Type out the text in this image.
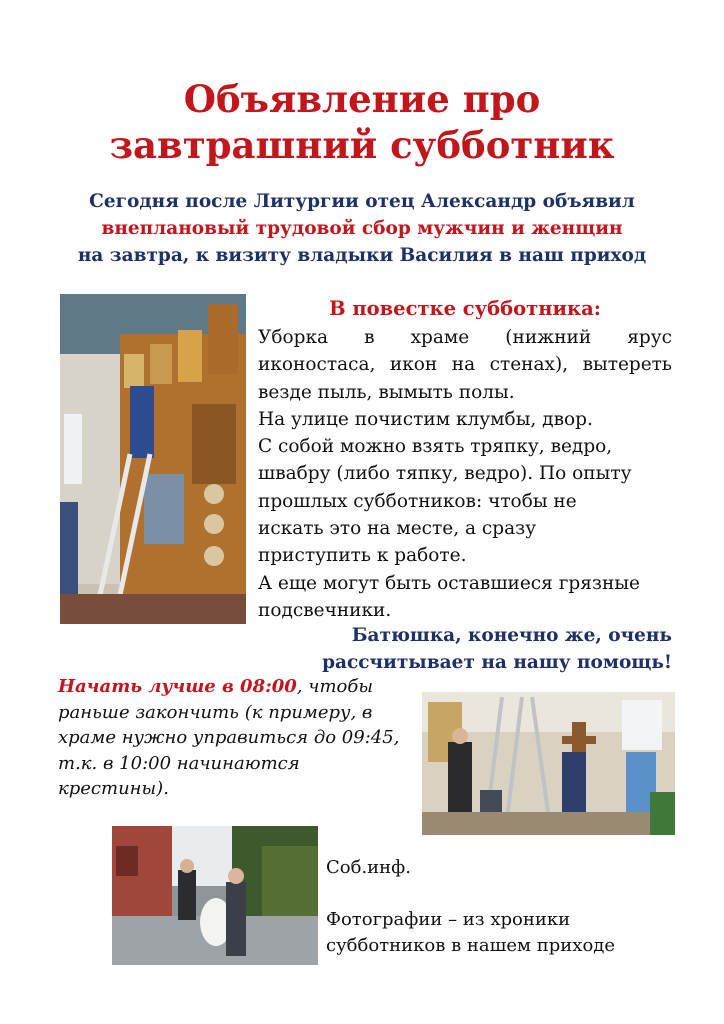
Объявление про
завтрашний субботник
Сегодня после Литургии отец Александр объявил
внеплановый трудовой сбор мужчин и женщин
на завтра, к визиту владыки Василия в наш приход
В повестке субботника:

Уборка в храме (нижний ярус

иконостаса, икон на стенах), вытереть

везде пыль, вымыть полы.

На улице почистим клумбы, двор.

С собой можно взять тряпку, ведро,

швабру (либо тяпку, ведро). По опыту

прошлых субботников: чтобы не

искать это на месте, а сразу

приступить к работе.

А еще могут быть оставшиеся грязные

подсвечники.

Батюшка, конечно же, очень
рассчитывает на нашу помощь!
Начать лучше в 08:00, чтобы
раньше закончить (к примеру, в
храме нужно управиться до 09:45,
т.к. в 10:00 начинаются
крестины).

Соб.инф.

Фотографии – из хроники

субботников в нашем приходе
